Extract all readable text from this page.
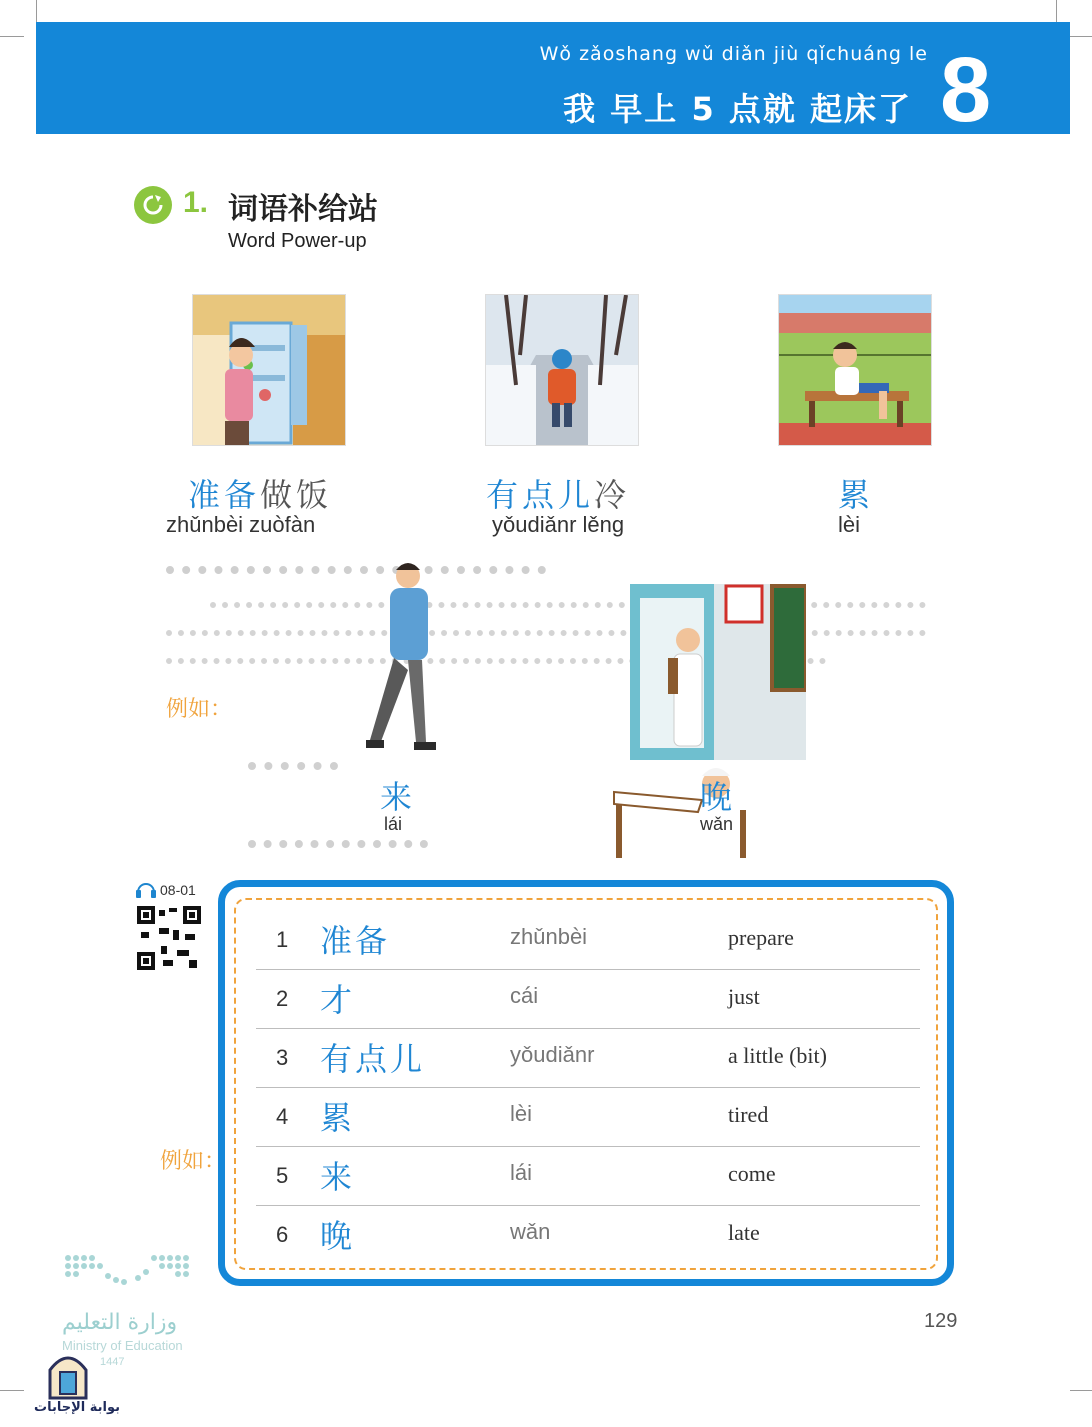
Wǒ zǎoshang wǔ diǎn jiù qǐchuáng le
我 早上 5 点就 起床了 8
1. 词语补给站
Word Power-up
准备做饭
zhǔnbèi zuòfàn
有点儿冷
yǒudiǎnr lěng
累
lèi
例如：
来
lái
晚
wǎn
08-01
1 准备	zhǔnbèi	prepare
2 才	cái	just
3 有点儿	yǒudiǎnr	a little (bit)
4 累	lèi	tired
5 来	lái	come
6 晚	wǎn	late
例如：
وزارة التعليم
Ministry of Education
1447
بوابة الإجابات
129
